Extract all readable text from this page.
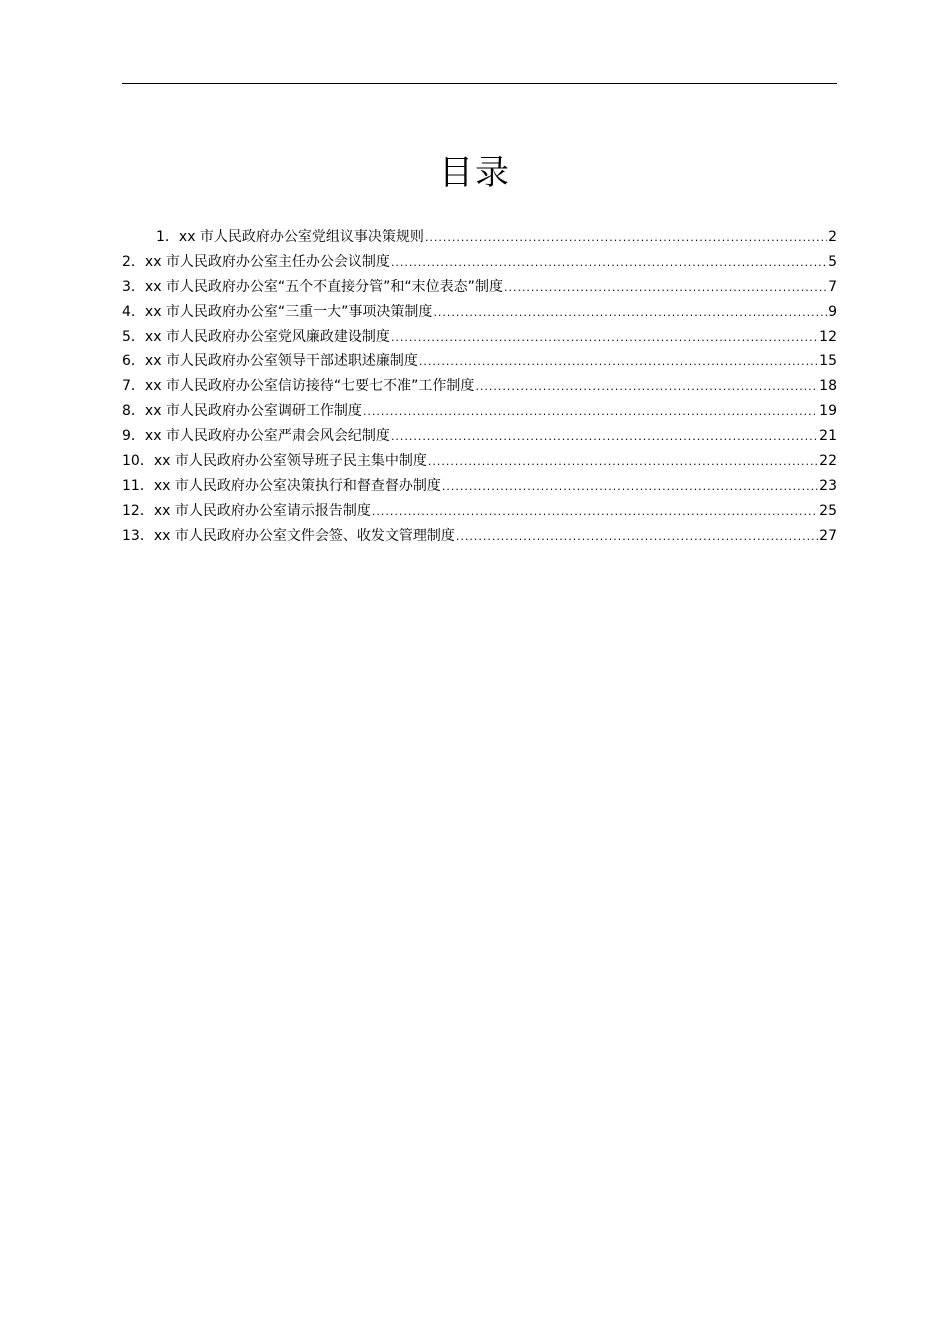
目录
1．xx 市人民政府办公室党组议事决策规则 .....	2
2．xx 市人民政府办公室主任办公会议制度 .....	5
3．xx 市人民政府办公室“五个不直接分管”和“末位表态”制度 .....	7
4．xx 市人民政府办公室“三重一大”事项决策制度 .....	9
5．xx 市人民政府办公室党风廉政建设制度 .....	12
6．xx 市人民政府办公室领导干部述职述廉制度 .....	15
7．xx 市人民政府办公室信访接待“七要七不准”工作制度 .....	18
8．xx 市人民政府办公室调研工作制度 .....	19
9．xx 市人民政府办公室严肃会风会纪制度 .....	21
10．xx 市人民政府办公室领导班子民主集中制度 .....	22
11．xx 市人民政府办公室决策执行和督查督办制度 .....	23
12．xx 市人民政府办公室请示报告制度 .....	25
13．xx 市人民政府办公室文件会签、收发文管理制度 .....	27
